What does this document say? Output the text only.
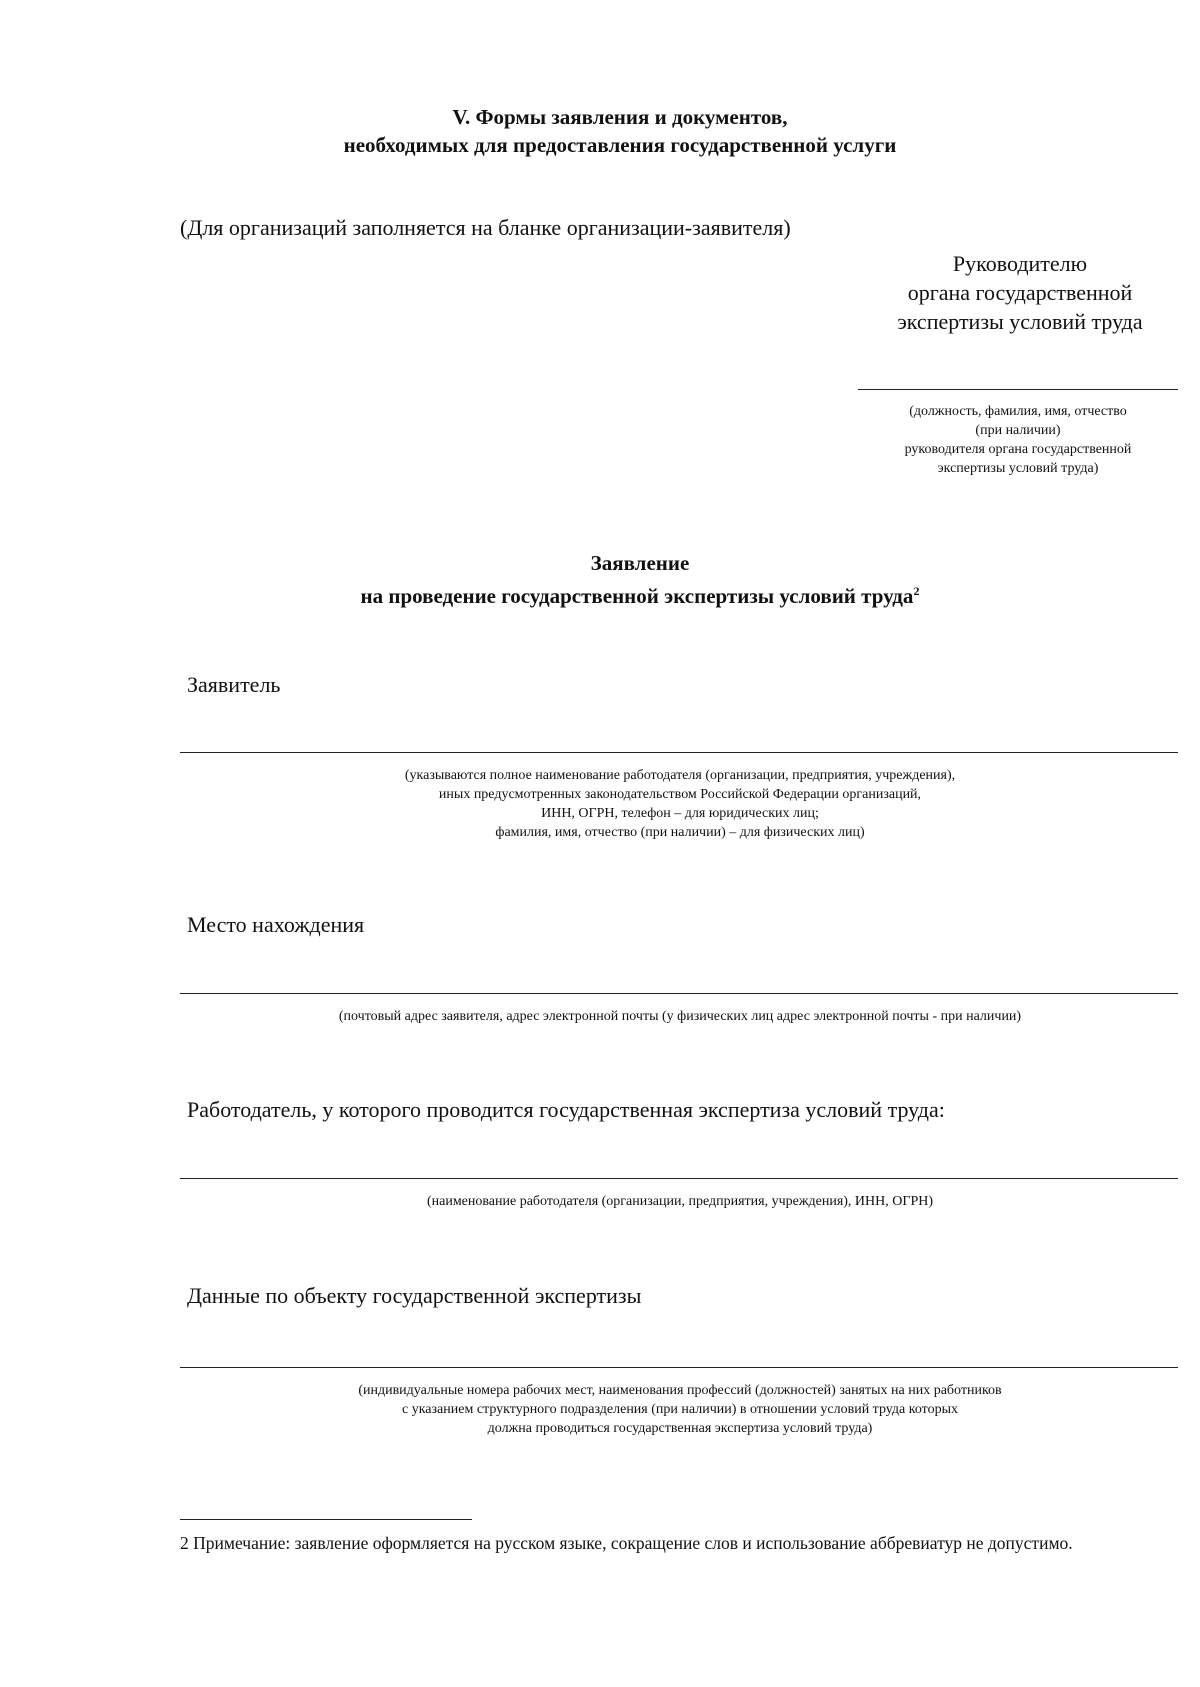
V. Формы заявления и документов,
необходимых для предоставления государственной услуги
(Для организаций заполняется на бланке организации-заявителя)
Руководителю
органа государственной
экспертизы условий труда
(должность, фамилия, имя, отчество
(при наличии)
руководителя органа государственной
экспертизы условий труда)
Заявление
на проведение государственной экспертизы условий труда$^2$
Заявитель
(указываются полное наименование работодателя (организации, предприятия, учреждения),
иных предусмотренных законодательством Российской Федерации организаций,
ИНН, ОГРН, телефон – для юридических лиц;
фамилия, имя, отчество (при наличии) – для физических лиц)
Место нахождения
(почтовый адрес заявителя, адрес электронной почты (у физических лиц адрес электронной почты - при наличии)
Работодатель, у которого проводится государственная экспертиза условий труда:
(наименование работодателя (организации, предприятия, учреждения), ИНН, ОГРН)
Данные по объекту государственной экспертизы
(индивидуальные номера рабочих мест, наименования профессий (должностей) занятых на них работников
с указанием структурного подразделения (при наличии) в отношении условий труда которых
должна проводиться государственная экспертиза условий труда)
2 Примечание: заявление оформляется на русском языке, сокращение слов и использование аббревиатур не допустимо.
